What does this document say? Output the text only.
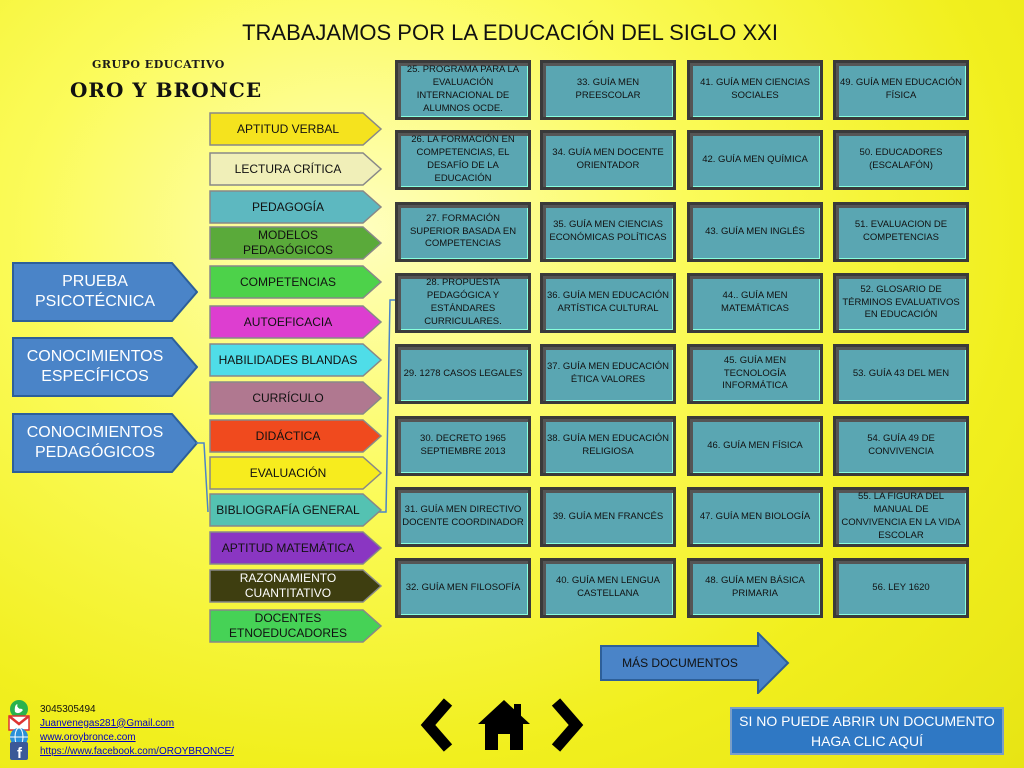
TRABAJAMOS POR LA EDUCACIÓN DEL SIGLO XXI
GRUPO EDUCATIVO
ORO Y BRONCE
PRUEBA PSICOTÉCNICA
CONOCIMIENTOS ESPECÍFICOS
CONOCIMIENTOS PEDAGÓGICOS
APTITUD VERBAL
LECTURA CRÍTICA
PEDAGOGÍA
MODELOS PEDAGÓGICOS
COMPETENCIAS
AUTOEFICACIA
HABILIDADES BLANDAS
CURRÍCULO
DIDÁCTICA
EVALUACIÓN
BIBLIOGRAFÍA GENERAL
APTITUD MATEMÁTICA
RAZONAMIENTO CUANTITATIVO
DOCENTES ETNOEDUCADORES
25. PROGRAMA PARA LA EVALUACIÓN INTERNACIONAL DE ALUMNOS OCDE.
33. GUÍA MEN PREESCOLAR
41. GUÍA MEN CIENCIAS SOCIALES
49. GUÍA MEN EDUCACIÓN FÍSICA
26. LA FORMACIÓN EN COMPETENCIAS, EL DESAFÍO DE LA EDUCACIÓN
34. GUÍA MEN DOCENTE ORIENTADOR
42. GUÍA MEN QUÍMICA
50. EDUCADORES (ESCALAFÓN)
27. FORMACIÓN SUPERIOR BASADA EN COMPETENCIAS
35. GUÍA MEN CIENCIAS ECONÓMICAS POLÍTICAS
43. GUÍA MEN INGLÉS
51. EVALUACION DE COMPETENCIAS
28. PROPUESTA PEDAGÓGICA Y ESTÁNDARES CURRICULARES.
36. GUÍA MEN EDUCACIÓN ARTÍSTICA CULTURAL
44.. GUÍA MEN MATEMÁTICAS
52. GLOSARIO DE TÉRMINOS EVALUATIVOS EN EDUCACIÓN
29. 1278 CASOS LEGALES
37. GUÍA MEN EDUCACIÓN ÉTICA VALORES
45. GUÍA MEN TECNOLOGÍA INFORMÁTICA
53. GUÍA 43 DEL MEN
30. DECRETO 1965 SEPTIEMBRE 2013
38. GUÍA MEN EDUCACIÓN RELIGIOSA
46. GUÍA MEN FÍSICA
54. GUÍA 49 DE CONVIVENCIA
31. GUÍA MEN DIRECTIVO DOCENTE COORDINADOR
39. GUÍA MEN FRANCÉS	47. GUÍA MEN BIOLOGÍA
55. LA FIGURA DEL MANUAL DE CONVIVENCIA EN LA VIDA ESCOLAR
32. GUÍA MEN FILOSOFÍA
40. GUÍA MEN LENGUA CASTELLANA
48. GUÍA MEN BÁSICA PRIMARIA
56. LEY 1620
MÁS DOCUMENTOS
SI NO PUEDE ABRIR UN DOCUMENTO HAGA CLIC AQUÍ
3045305494
Juanvenegas281@Gmail.com
www.oroybronce.com
f https://www.facebook.com/OROYBRONCE/
